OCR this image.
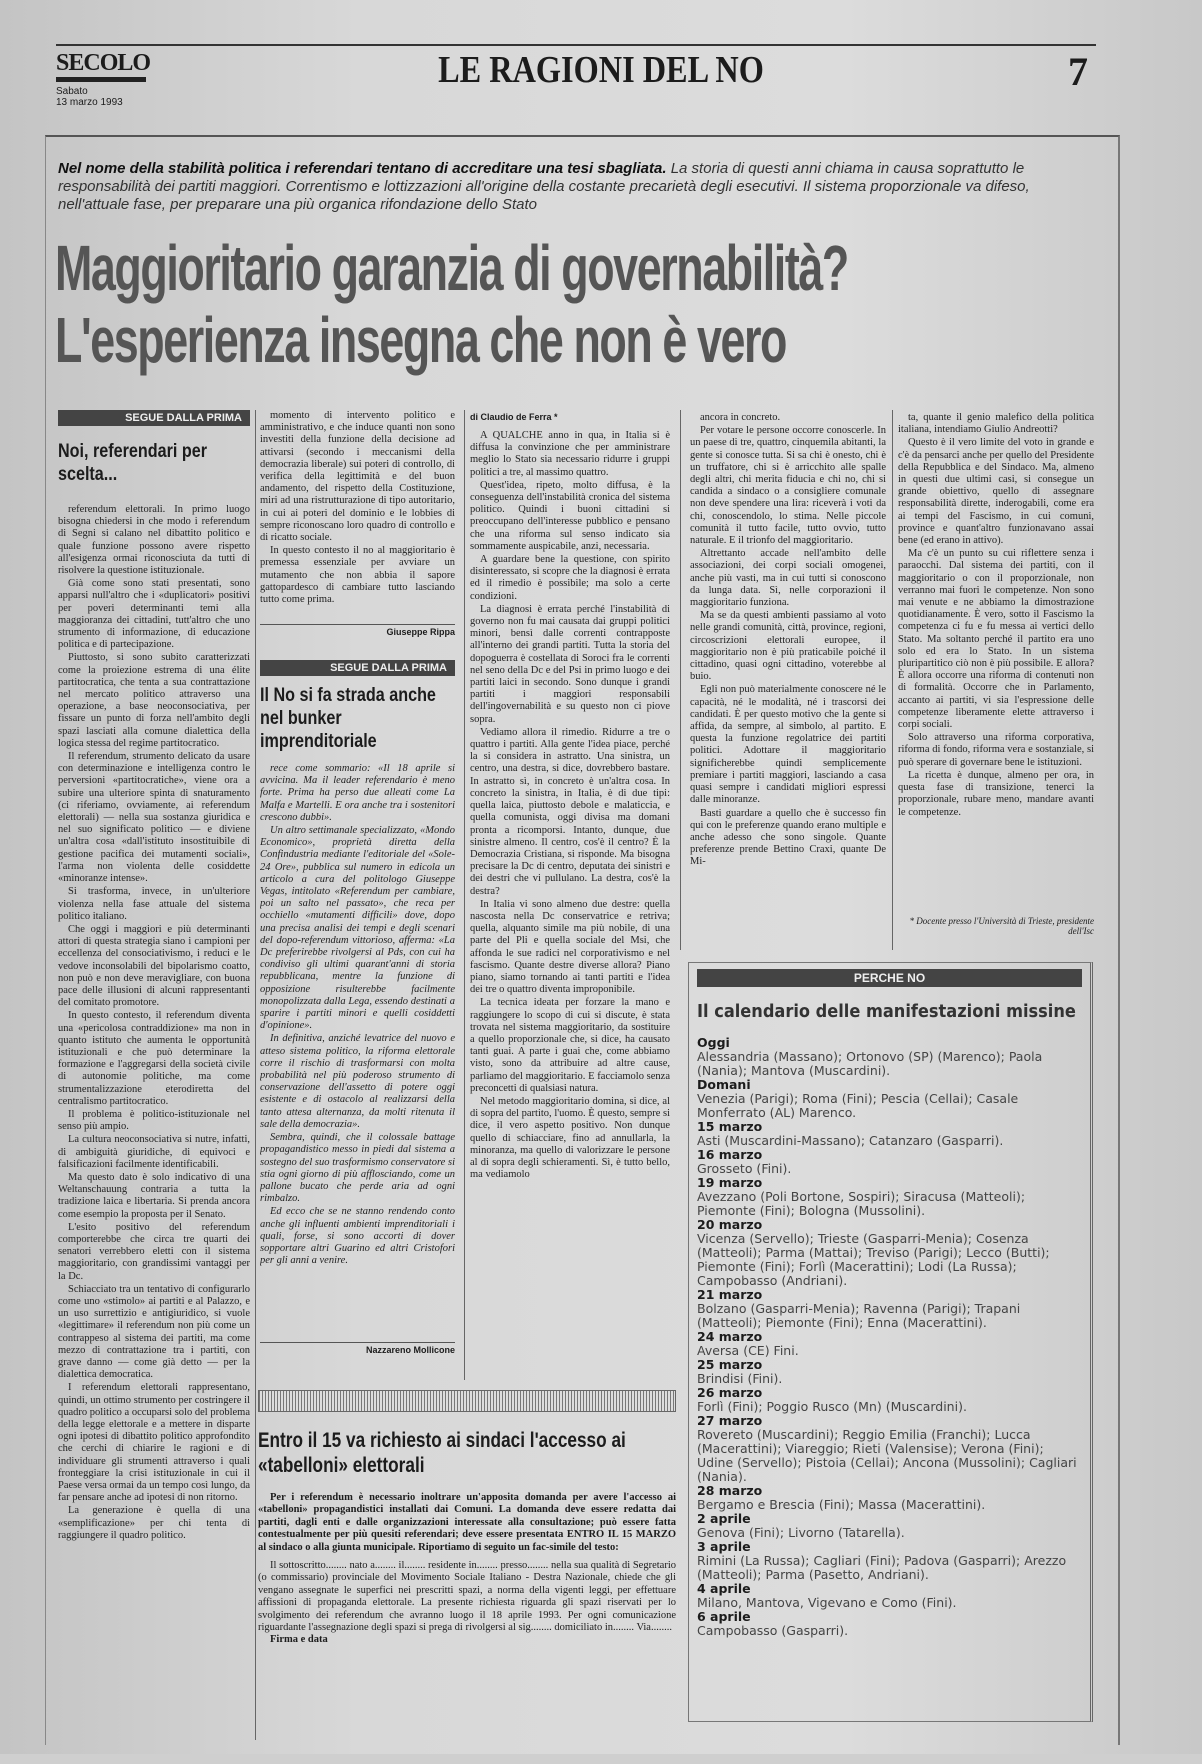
SECOLO
Sabato
13 marzo 1993
LE RAGIONI DEL NO	7
Nel nome della stabilità politica i referendari tentano di accreditare una tesi sbagliata. La storia di questi anni chiama in causa soprattutto le responsabilità dei partiti maggiori. Correntismo e lottizzazioni all'origine della costante precarietà degli esecutivi. Il sistema proporzionale va difeso, nell'attuale fase, per preparare una più organica rifondazione dello Stato
Maggioritario garanzia di governabilità?
L'esperienza insegna che non è vero
SEGUE DALLA PRIMA
Noi, referendari per scelta...

referendum elettorali. In primo luogo bisogna chiedersi in che modo i referendum di Segni si calano nel dibattito politico e quale funzione possono avere rispetto all'esigenza ormai riconosciuta da tutti di risolvere la questione istituzionale.

Già come sono stati presentati, sono apparsi null'altro che i «duplicatori» positivi per poveri determinanti temi alla maggioranza dei cittadini, tutt'altro che uno strumento di informazione, di educazione politica e di partecipazione.

Piuttosto, si sono subito caratterizzati come la proiezione estrema di una élite partitocratica, che tenta a sua contrattazione nel mercato politico attraverso una operazione, a base neoconsociativa, per fissare un punto di forza nell'ambito degli spazi lasciati alla comune dialettica della logica stessa del regime partitocratico.

Il referendum, strumento delicato da usare con determinazione e intelligenza contro le perversioni «partitocratiche», viene ora a subire una ulteriore spinta di snaturamento (ci riferiamo, ovviamente, ai referendum elettorali) — nella sua sostanza giuridica e nel suo significato politico — e diviene un'altra cosa «dall'istituto insostituibile di gestione pacifica dei mutamenti sociali», l'arma non violenta delle cosiddette «minoranze intense».

Si trasforma, invece, in un'ulteriore violenza nella fase attuale del sistema politico italiano.

Che oggi i maggiori e più determinanti attori di questa strategia siano i campioni per eccellenza del consociativismo, i reduci e le vedove inconsolabili del bipolarismo coatto, non può e non deve meravigliare, con buona pace delle illusioni di alcuni rappresentanti del comitato promotore.

In questo contesto, il referendum diventa una «pericolosa contraddizione» ma non in quanto istituto che aumenta le opportunità istituzionali e che può determinare la formazione e l'aggregarsi della società civile di autonomie politiche, ma come strumentalizzazione eterodiretta del centralismo partitocratico.

Il problema è politico-istituzionale nel senso più ampio.

La cultura neoconsociativa si nutre, infatti, di ambiguità giuridiche, di equivoci e falsificazioni facilmente identificabili.

Ma questo dato è solo indicativo di una Weltanschauung contraria a tutta la tradizione laica e libertaria. Si prenda ancora come esempio la proposta per il Senato.

L'esito positivo del referendum comporterebbe che circa tre quarti dei senatori verrebbero eletti con il sistema maggioritario, con grandissimi vantaggi per la Dc.

Schiacciato tra un tentativo di configurarlo come uno «stimolo» ai partiti e al Palazzo, e un uso surrettizio e antigiuridico, si vuole «legittimare» il referendum non più come un contrappeso al sistema dei partiti, ma come mezzo di contrattazione tra i partiti, con grave danno — come già detto — per la dialettica democratica.

I referendum elettorali rappresentano, quindi, un ottimo strumento per costringere il quadro politico a occuparsi solo del problema della legge elettorale e a mettere in disparte ogni ipotesi di dibattito politico approfondito che cerchi di chiarire le ragioni e di individuare gli strumenti attraverso i quali fronteggiare la crisi istituzionale in cui il Paese versa ormai da un tempo così lungo, da far pensare anche ad ipotesi di non ritorno.

La generazione è quella di una «semplificazione» per chi tenta di raggiungere il quadro politico.

momento di intervento politico e amministrativo, e che induce quanti non sono investiti della funzione della decisione ad attivarsi (secondo i meccanismi della democrazia liberale) sui poteri di controllo, di verifica della legittimità e del buon andamento, del rispetto della Costituzione, miri ad una ristrutturazione di tipo autoritario, in cui ai poteri del dominio e le lobbies di sempre riconoscano loro quadro di controllo e di ricatto sociale.

In questo contesto il no al maggioritario è premessa essenziale per avviare un mutamento che non abbia il sapore gattopardesco di cambiare tutto lasciando tutto come prima.

Giuseppe Rippa
SEGUE DALLA PRIMA
Il No si fa strada anche nel bunker imprenditoriale

rece come sommario: «Il 18 aprile si avvicina. Ma il leader referendario è meno forte. Prima ha perso due alleati come La Malfa e Martelli. E ora anche tra i sostenitori crescono dubbi».

Un altro settimanale specializzato, «Mondo Economico», proprietà diretta della Confindustria mediante l'editoriale del «Sole-24 Ore», pubblica sul numero in edicola un articolo a cura del politologo Giuseppe Vegas, intitolato «Referendum per cambiare, poi un salto nel passato», che reca per occhiello «mutamenti difficili» dove, dopo una precisa analisi dei tempi e degli scenari del dopo-referendum vittorioso, afferma: «La Dc preferirebbe rivolgersi al Pds, con cui ha condiviso gli ultimi quarant'anni di storia repubblicana, mentre la funzione di opposizione risulterebbe facilmente monopolizzata dalla Lega, essendo destinati a sparire i partiti minori e quelli cosiddetti d'opinione».

In definitiva, anziché levatrice del nuovo e atteso sistema politico, la riforma elettorale corre il rischio di trasformarsi con molta probabilità nel più poderoso strumento di conservazione dell'assetto di potere oggi esistente e di ostacolo al realizzarsi della tanto attesa alternanza, da molti ritenuta il sale della democrazia».

Sembra, quindi, che il colossale battage propagandistico messo in piedi dal sistema a sostegno del suo trasformismo conservatore si stia ogni giorno di più afflosciando, come un pallone bucato che perde aria ad ogni rimbalzo.

Ed ecco che se ne stanno rendendo conto anche gli influenti ambienti imprenditoriali i quali, forse, si sono accorti di dover sopportare altri Guarino ed altri Cristofori per gli anni a venire.

Nazzareno Mollicone
di Claudio de Ferra *

A QUALCHE anno in qua, in Italia si è diffusa la convinzione che per amministrare meglio lo Stato sia necessario ridurre i gruppi politici a tre, al massimo quattro.

Quest'idea, ripeto, molto diffusa, è la conseguenza dell'instabilità cronica del sistema politico. Quindi i buoni cittadini si preoccupano dell'interesse pubblico e pensano che una riforma sul senso indicato sia sommamente auspicabile, anzi, necessaria.

A guardare bene la questione, con spirito disinteressato, si scopre che la diagnosi è errata ed il rimedio è possibile; ma solo a certe condizioni.

La diagnosi è errata perché l'instabilità di governo non fu mai causata dai gruppi politici minori, bensì dalle correnti contrapposte all'interno dei grandi partiti. Tutta la storia del dopoguerra è costellata di Soroci fra le correnti nel seno della Dc e del Psi in primo luogo e dei partiti laici in secondo. Sono dunque i grandi partiti i maggiori responsabili dell'ingovernabilità e su questo non ci piove sopra.

Vediamo allora il rimedio. Ridurre a tre o quattro i partiti. Alla gente l'idea piace, perché la si considera in astratto. Una sinistra, un centro, una destra, si dice, dovrebbero bastare. In astratto sì, in concreto è un'altra cosa. In concreto la sinistra, in Italia, è di due tipi: quella laica, piuttosto debole e malaticcia, e quella comunista, oggi divisa ma domani pronta a ricomporsi. Intanto, dunque, due sinistre almeno. Il centro, cos'è il centro? È la Democrazia Cristiana, si risponde. Ma bisogna precisare la Dc di centro, deputata dei sinistri e dei destri che vi pullulano. La destra, cos'è la destra?

In Italia vi sono almeno due destre: quella nascosta nella Dc conservatrice e retriva; quella, alquanto simile ma più nobile, di una parte del Pli e quella sociale del Msi, che affonda le sue radici nel corporativismo e nel fascismo. Quante destre diverse allora? Piano piano, siamo tornando ai tanti partiti e l'idea dei tre o quattro diventa improponibile.

La tecnica ideata per forzare la mano e raggiungere lo scopo di cui si discute, è stata trovata nel sistema maggioritario, da sostituire a quello proporzionale che, si dice, ha causato tanti guai. A parte i guai che, come abbiamo visto, sono da attribuire ad altre cause, parliamo del maggioritario. E facciamolo senza preconcetti di qualsiasi natura.

Nel metodo maggioritario domina, si dice, al di sopra del partito, l'uomo. È questo, sempre si dice, il vero aspetto positivo. Non dunque quello di schiacciare, fino ad annullarla, la minoranza, ma quello di valorizzare le persone al di sopra degli schieramenti. Sì, è tutto bello, ma vediamolo

ancora in concreto.

Per votare le persone occorre conoscerle. In un paese di tre, quattro, cinquemila abitanti, la gente si conosce tutta. Si sa chi è onesto, chi è un truffatore, chi si è arricchito alle spalle degli altri, chi merita fiducia e chi no, chi si candida a sindaco o a consigliere comunale non deve spendere una lira: riceverà i voti da chi, conoscendolo, lo stima. Nelle piccole comunità il tutto facile, tutto ovvio, tutto naturale. E il trionfo del maggioritario.

Altrettanto accade nell'ambito delle associazioni, dei corpi sociali omogenei, anche più vasti, ma in cui tutti si conoscono da lunga data. Sì, nelle corporazioni il maggioritario funziona.

Ma se da questi ambienti passiamo al voto nelle grandi comunità, città, province, regioni, circoscrizioni elettorali europee, il maggioritario non è più praticabile poiché il cittadino, quasi ogni cittadino, voterebbe al buio.

Egli non può materialmente conoscere né le capacità, né le modalità, né i trascorsi dei candidati. È per questo motivo che la gente si affida, da sempre, al simbolo, al partito. E questa la funzione regolatrice dei partiti politici. Adottare il maggioritario significherebbe quindi semplicemente premiare i partiti maggiori, lasciando a casa quasi sempre i candidati migliori espressi dalle minoranze.

Basti guardare a quello che è successo fin qui con le preferenze quando erano multiple e anche adesso che sono singole. Quante preferenze prende Bettino Craxi, quante De Mi-

ta, quante il genio malefico della politica italiana, intendiamo Giulio Andreotti?

Questo è il vero limite del voto in grande e c'è da pensarci anche per quello del Presidente della Repubblica e del Sindaco. Ma, almeno in questi due ultimi casi, si consegue un grande obiettivo, quello di assegnare responsabilità dirette, inderogabili, come era ai tempi del Fascismo, in cui comuni, province e quant'altro funzionavano assai bene (ed erano in attivo).

Ma c'è un punto su cui riflettere senza i paraocchi. Dal sistema dei partiti, con il maggioritario o con il proporzionale, non verranno mai fuori le competenze. Non sono mai venute e ne abbiamo la dimostrazione quotidianamente. È vero, sotto il Fascismo la competenza ci fu e fu messa ai vertici dello Stato. Ma soltanto perché il partito era uno solo ed era lo Stato. In un sistema pluripartitico ciò non è più possibile. E allora? È allora occorre una riforma di contenuti non di formalità. Occorre che in Parlamento, accanto ai partiti, vi sia l'espressione delle competenze liberamente elette attraverso i corpi sociali.

Solo attraverso una riforma corporativa, riforma di fondo, riforma vera e sostanziale, si può sperare di governare bene le istituzioni.

La ricetta è dunque, almeno per ora, in questa fase di transizione, tenerci la proporzionale, rubare meno, mandare avanti le competenze.

* Docente presso l'Università di Trieste, presidente dell'Isc
PERCHE NO
Il calendario delle manifestazioni missine
Oggi
Alessandria (Massano); Ortonovo (SP) (Marenco); Paola (Nania); Mantova (Muscardini).
Domani
Venezia (Parigi); Roma (Fini); Pescia (Cellai); Casale Monferrato (AL) Marenco.
15 marzo
Asti (Muscardini-Massano); Catanzaro (Gasparri).
16 marzo
Grosseto (Fini).
19 marzo
Avezzano (Poli Bortone, Sospiri); Siracusa (Matteoli); Piemonte (Fini); Bologna (Mussolini).
20 marzo
Vicenza (Servello); Trieste (Gasparri-Menia); Cosenza (Matteoli); Parma (Mattai); Treviso (Parigi); Lecco (Butti); Piemonte (Fini); Forlì (Macerattini); Lodi (La Russa); Campobasso (Andriani).
21 marzo
Bolzano (Gasparri-Menia); Ravenna (Parigi); Trapani (Matteoli); Piemonte (Fini); Enna (Macerattini).
24 marzo
Aversa (CE) Fini.
25 marzo
Brindisi (Fini).
26 marzo
Forlì (Fini); Poggio Rusco (Mn) (Muscardini).
27 marzo
Rovereto (Muscardini); Reggio Emilia (Franchi); Lucca (Macerattini); Viareggio; Rieti (Valensise); Verona (Fini); Udine (Servello); Pistoia (Cellai); Ancona (Mussolini); Cagliari (Nania).
28 marzo
Bergamo e Brescia (Fini); Massa (Macerattini).
2 aprile
Genova (Fini); Livorno (Tatarella).
3 aprile
Rimini (La Russa); Cagliari (Fini); Padova (Gasparri); Arezzo (Matteoli); Parma (Pasetto, Andriani).
4 aprile
Milano, Mantova, Vigevano e Como (Fini).
6 aprile
Campobasso (Gasparri).
Entro il 15 va richiesto ai sindaci l'accesso ai «tabelloni» elettorali

Per i referendum è necessario inoltrare un'apposita domanda per avere l'accesso ai «tabelloni» propagandistici installati dai Comuni. La domanda deve essere redatta dai partiti, dagli enti e dalle organizzazioni interessate alla consultazione; può essere fatta contestualmente per più quesiti referendari; deve essere presentata ENTRO IL 15 MARZO al sindaco o alla giunta municipale. Riportiamo di seguito un fac-simile del testo:

Il sottoscritto........ nato a........ il........ residente in........ presso........ nella sua qualità di Segretario (o commissario) provinciale del Movimento Sociale Italiano - Destra Nazionale, chiede che gli vengano assegnate le superfici nei prescritti spazi, a norma della vigenti leggi, per effettuare affissioni di propaganda elettorale. La presente richiesta riguarda gli spazi riservati per lo svolgimento dei referendum che avranno luogo il 18 aprile 1993. Per ogni comunicazione riguardante l'assegnazione degli spazi si prega di rivolgersi al sig........ domiciliato in........ Via........

Firma e data
